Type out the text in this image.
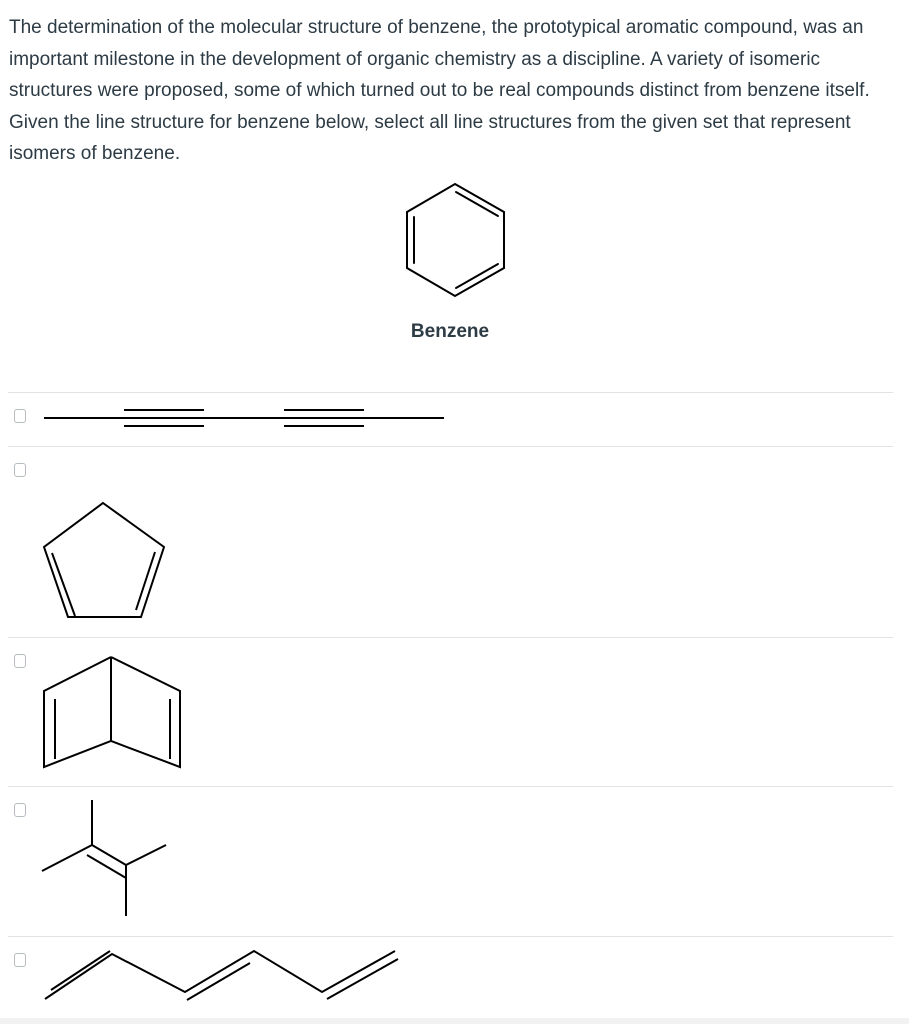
The determination of the molecular structure of benzene, the prototypical aromatic compound, was an important milestone in the development of organic chemistry as a discipline. A variety of isomeric structures were proposed, some of which turned out to be real compounds distinct from benzene itself. Given the line structure for benzene below, select all line structures from the given set that represent isomers of benzene.

Benzene
